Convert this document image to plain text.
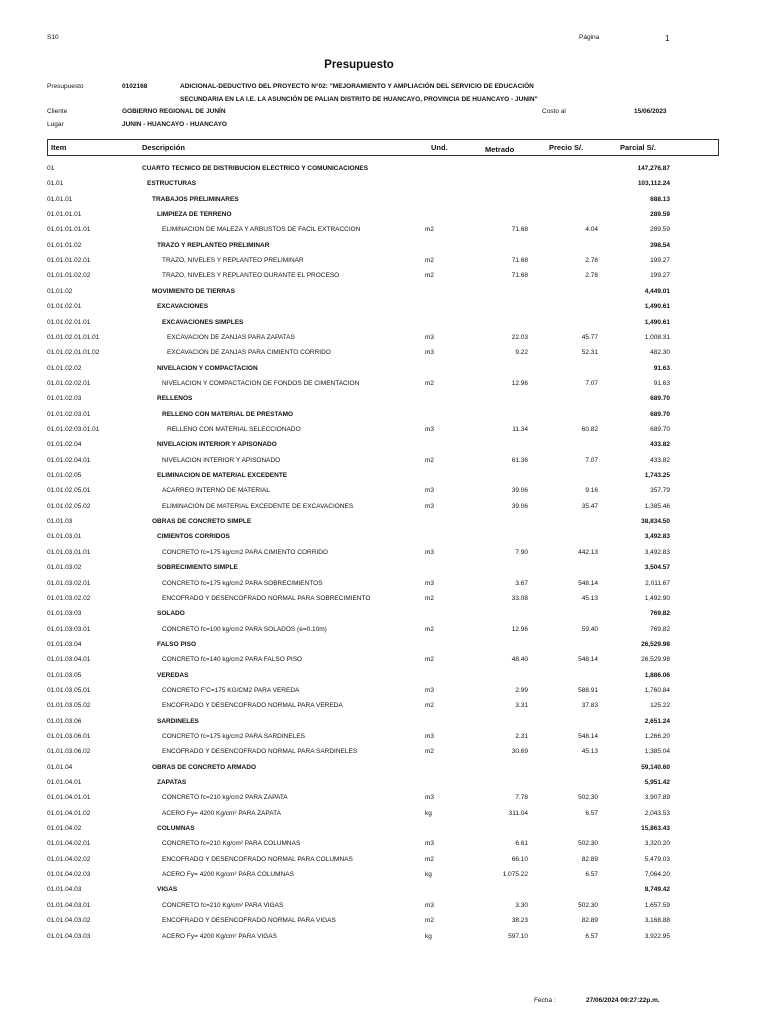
S10	Página	1
Presupuesto
Presupuesto	0102168	ADICIONAL-DEDUCTIVO DEL PROYECTO N°02: "MEJORAMIENTO Y AMPLIACIÓN DEL SERVICIO DE EDUCACIÓN
SECUNDARIA EN LA I.E. LA ASUNCIÓN DE PALIAN DISTRITO DE HUANCAYO, PROVINCIA DE HUANCAYO - JUNIN"
Cliente	GOBIERNO REGIONAL DE JUNÍN	Costo al	15/06/2023
Lugar	JUNIN - HUANCAYO - HUANCAYO
Item	Descripción	Und.	Metrado	Precio S/.	Parcial S/.
01	CUARTO TECNICO DE DISTRIBUCION ELECTRICO Y COMUNICACIONES	147,276.87
01.01	ESTRUCTURAS	103,112.24
01.01.01	TRABAJOS PRELIMINARES	688.13
01.01.01.01	LIMPIEZA DE TERRENO	289.59
01.01.01.01.01	ELIMINACION DE MALEZA Y ARBUSTOS DE FACIL EXTRACCION	m2	71.68	4.04	289.59
01.01.01.02	TRAZO Y REPLANTEO PRELIMINAR	398.54
01.01.01.02.01	TRAZO, NIVELES Y REPLANTEO PRELIMINAR	m2	71.68	2.78	199.27
01.01.01.02.02	TRAZO, NIVELES Y REPLANTEO DURANTE EL PROCESO	m2	71.68	2.78	199.27
01.01.02	MOVIMIENTO DE TIERRAS	4,449.01
01.01.02.01	EXCAVACIONES	1,490.61
01.01.02.01.01	EXCAVACIONES SIMPLES	1,490.61
01.01.02.01.01.01	EXCAVACION DE ZANJAS PARA ZAPATAS	m3	22.03	45.77	1,008.31
01.01.02.01.01.02	EXCAVACION DE ZANJAS PARA CIMIENTO CORRIDO	m3	9.22	52.31	482.30
01.01.02.02	NIVELACION Y COMPACTACION	91.63
01.01.02.02.01	NIVELACION Y COMPACTACION DE FONDOS DE CIMENTACION	m2	12.96	7.07	91.63
01.01.02.03	RELLENOS	689.70
01.01.02.03.01	RELLENO CON MATERIAL DE PRESTAMO	689.70
01.01.02.03.01.01	RELLENO CON MATERIAL SELECCIONADO	m3	11.34	60.82	689.70
01.01.02.04	NIVELACION INTERIOR Y APISONADO	433.82
01.01.02.04.01	NIVELACION INTERIOR Y APISONADO	m2	61.36	7.07	433.82
01.01.02.05	ELIMINACION DE MATERIAL EXCEDENTE	1,743.25
01.01.02.05.01	ACARREO INTERNO DE MATERIAL	m3	39.06	9.16	357.79
01.01.02.05.02	ELIMINACION DE MATERIAL EXCEDENTE DE EXCAVACIONES	m3	39.06	35.47	1,385.46
01.01.03	OBRAS DE CONCRETO SIMPLE	38,834.50
01.01.03.01	CIMIENTOS CORRIDOS	3,492.83
01.01.03.01.01	CONCRETO fc=175 kg/cm2 PARA CIMIENTO CORRIDO	m3	7.90	442.13	3,492.83
01.01.03.02	SOBRECIMIENTO SIMPLE	3,504.57
01.01.03.02.01	CONCRETO fc=175 kg/cm2 PARA SOBRECIMIENTOS	m3	3.67	548.14	2,011.67
01.01.03.02.02	ENCOFRADO Y DESENCOFRADO NORMAL PARA SOBRECIMIENTO	m2	33.08	45.13	1,492.90
01.01.03.03	SOLADO	769.82
01.01.03.03.01	CONCRETO fc=100 kg/cm2 PARA SOLADOS (e=0.10m)	m2	12.96	59.40	769.82
01.01.03.04	FALSO PISO	26,529.98
01.01.03.04.01	CONCRETO fc=140 kg/cm2 PARA FALSO PISO	m2	48.40	548.14	26,529.98
01.01.03.05	VEREDAS	1,886.06
01.01.03.05.01	CONCRETO F'C=175 KG/CM2 PARA VEREDA	m3	2.99	588.91	1,760.84
01.01.03.05.02	ENCOFRADO Y DESENCOFRADO NORMAL PARA VEREDA	m2	3.31	37.83	125.22
01.01.03.06	SARDINELES	2,651.24
01.01.03.06.01	CONCRETO fc=175 kg/cm2 PARA SARDINELES	m3	2.31	548.14	1,266.20
01.01.03.06.02	ENCOFRADO Y DESENCOFRADO NORMAL PARA SARDINELES	m2	30.69	45.13	1,385.04
01.01.04	OBRAS DE CONCRETO ARMADO	59,140.60
01.01.04.01	ZAPATAS	5,951.42
01.01.04.01.01	CONCRETO fc=210 kg/cm2 PARA ZAPATA	m3	7.78	502.30	3,907.89
01.01.04.01.02	ACERO Fy= 4200 Kg/cm² PARA ZAPATA	kg	311.04	6.57	2,043.53
01.01.04.02	COLUMNAS	15,863.43
01.01.04.02.01	CONCRETO fc=210 Kg/cm² PARA COLUMNAS	m3	6.61	502.30	3,320.20
01.01.04.02.02	ENCOFRADO Y DESENCOFRADO NORMAL PARA COLUMNAS	m2	66.10	82.89	5,479.03
01.01.04.02.03	ACERO Fy= 4200 Kg/cm² PARA COLUMNAS	kg	1,075.22	6.57	7,064.20
01.01.04.03	VIGAS	8,749.42
01.01.04.03.01	CONCRETO fc=210 Kg/cm² PARA VIGAS	m3	3.30	502.30	1,657.59
01.01.04.03.02	ENCOFRADO Y DESENCOFRADO NORMAL PARA VIGAS	m2	38.23	82.89	3,168.88
01.01.04.03.03	ACERO Fy= 4200 Kg/cm² PARA VIGAS	kg	597.10	6.57	3,922.95
Fecha :	27/06/2024 09:27:22p.m.
